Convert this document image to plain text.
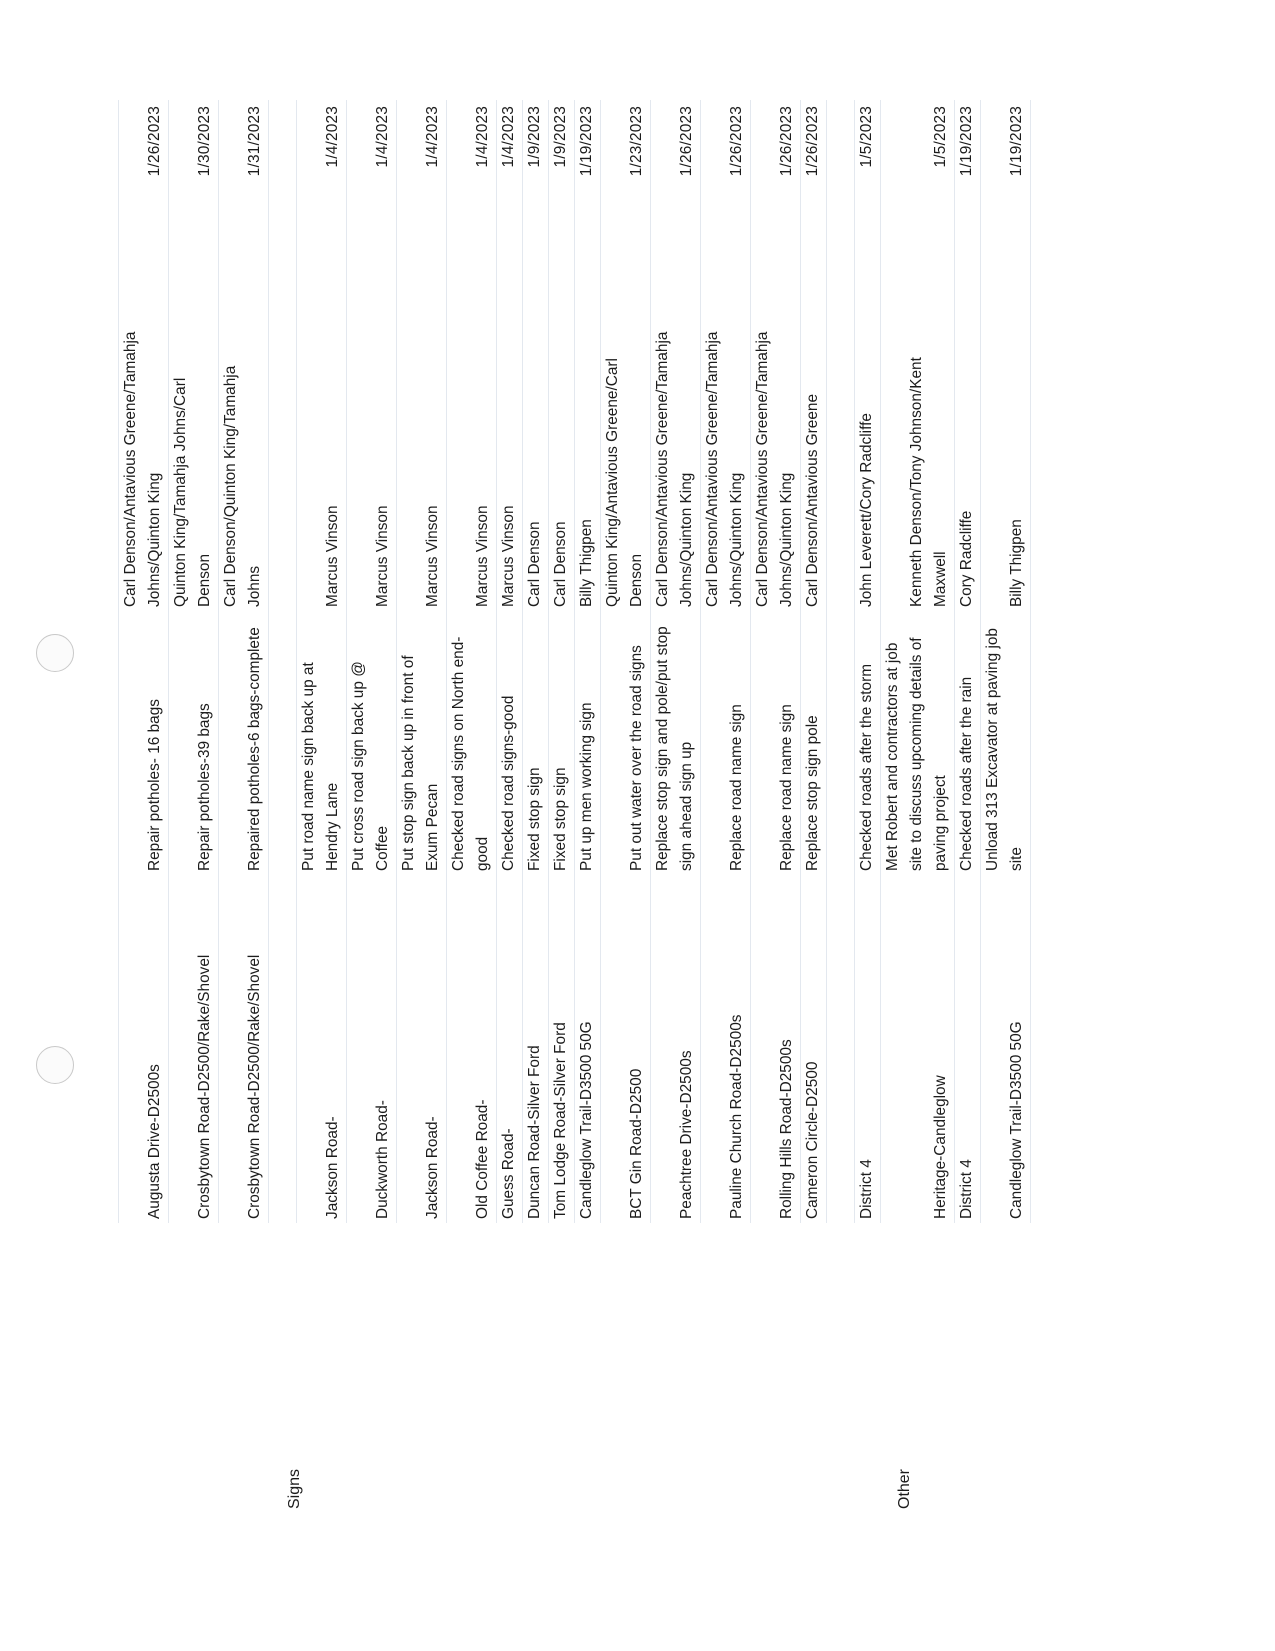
Signs	Other
Augusta Drive-D2500s
Repair potholes- 16 bags
Carl Denson/Antavious Greene/Tamahja Johns/Quinton King
1/26/2023
Crosbytown Road-D2500/Rake/Shovel
Repair potholes-39 bags
Quinton King/Tamahja Johns/Carl Denson
1/30/2023
Crosbytown Road-D2500/Rake/Shovel
Repaired potholes-6 bags-complete
Carl Denson/Quinton King/Tamahja Johns
1/31/2023
Jackson Road-
Put road name sign back up at Hendry Lane
Marcus Vinson
1/4/2023
Duckworth Road-
Put cross road sign back up @ Coffee
Marcus Vinson
1/4/2023
Jackson Road-
Put stop sign back up in front of Exum Pecan
Marcus Vinson
1/4/2023
Old Coffee Road-
Checked road signs on North end-good
Marcus Vinson
1/4/2023
Guess Road-
Checked road signs-good
Marcus Vinson
1/4/2023
Duncan Road-Silver Ford
Fixed stop sign
Carl Denson
1/9/2023
Tom Lodge Road-Silver Ford
Fixed stop sign
Carl Denson
1/9/2023
Candleglow Trail-D3500 50G
Put up men working sign
Billy Thigpen
1/19/2023
BCT Gin Road-D2500
Put out water over the road signs
Quinton King/Antavious Greene/Carl Denson
1/23/2023
Peachtree Drive-D2500s
Replace stop sign and pole/put stop sign ahead sign up
Carl Denson/Antavious Greene/Tamahja Johns/Quinton King
1/26/2023
Pauline Church Road-D2500s
Replace road name sign
Carl Denson/Antavious Greene/Tamahja Johns/Quinton King
1/26/2023
Rolling Hills Road-D2500s
Replace road name sign
Carl Denson/Antavious Greene/Tamahja Johns/Quinton King
1/26/2023
Cameron Circle-D2500
Replace stop sign pole
Carl Denson/Antavious Greene
1/26/2023
District 4
Checked roads after the storm
John Leverett/Cory Radcliffe
1/5/2023
Heritage-Candleglow
Met Robert and contractors at job site to discuss upcoming details of paving project
Kenneth Denson/Tony Johnson/Kent Maxwell
1/5/2023
District 4
Checked roads after the rain
Cory Radcliffe
1/19/2023
Candleglow Trail-D3500 50G
Unload 313 Excavator at paving job site
Billy Thigpen
1/19/2023
